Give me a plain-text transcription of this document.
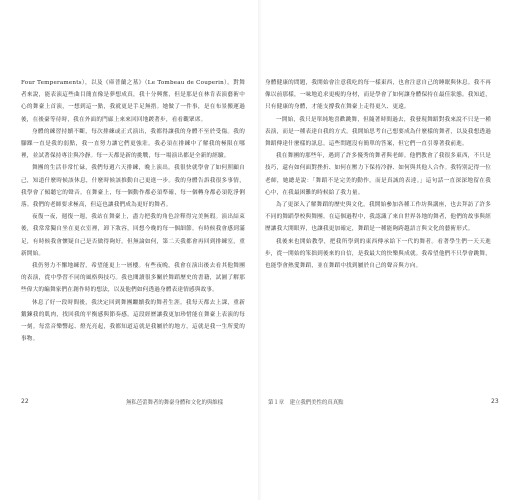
Four Temperaments），以及《庫普蘭之墓》（Le Tombeau de Couperin）。對舞者來說，能表演這些曲目簡直像是夢想成真，我十分興奮，但是那是在林肯表演藝術中心的舞臺上首演，一想到這一點，我就更是手足無措。她做了一件事，是在布景搬運過後，在後臺等待時，我在外面的門廊上來來回回地踱著步，看看觀眾席。

身體的練習持續不斷，每次排練或正式演出，我都得讓我的身體不至於受傷。我的腳踝一直是我的弱點，我一直努力讓它們更強壯。我必須在排練中了解我的極限在哪裡，並試著保持專注與冷靜。每一天都是新的挑戰，每一場演出都是全新的經驗。

舞團的生活非常忙碌，我們每週六天排練，晚上演出。我很快就學會了如何照顧自己，知道什麼時候該休息，什麼時候該推動自己更進一步。我的身體告訴我很多事情，我學會了傾聽它的聲音。在舞臺上，每一個動作都必須準確，每一個轉身都必須乾淨俐落。我們的老師要求極高，但這也讓我們成為更好的舞者。

夜復一夜，週復一週，我站在舞臺上，盡力把我的角色詮釋得完美無瑕。演出結束後，我常常獨自坐在更衣室裡，卸下妝容，回想今晚的每一個細節。有時候我會感到滿足，有時候我會懷疑自己是否做得夠好。但無論如何，第二天我都會再回到排練室，重新開始。

我仍努力不懈地練習，希望能更上一層樓。有些夜晚，我會在演出後去看其他舞團的表演，從中學習不同的風格與技巧。我也閱讀很多關於舞蹈歷史的書籍，試圖了解那些偉大的編舞家們在創作時的想法，以及他們如何透過身體表達情感與故事。

休息了好一段時間後，我決定回到舞團繼續我的舞者生涯。我每天都去上課，重新鍛鍊我的肌肉，找回我的平衡感與節奏感。這段經歷讓我更加珍惜能在舞臺上表演的每一刻。每當音樂響起、燈光亮起，我都知道這就是我屬於的地方，這就是我一生所愛的事物。

22	無私芭蕾舞者的舞臺身體和文化的與維樣

身體健康的問題，我開始會注意我吃的每一樣東西，也會注意自己的睡眠與休息。我不再像以前那樣，一味地追求更瘦的身材，而是學會了如何讓身體保持在最佳狀態。我知道，只有健康的身體，才能支撐我在舞臺上走得更久、更遠。

一開始，我只是單純地喜歡跳舞，但隨著時間過去，我發現舞蹈對我來說不只是一種表演，而是一種表達自我的方式。我開始思考自己想要成為什麼樣的舞者，以及我想透過舞蹈傳達什麼樣的訊息。這些問題沒有簡單的答案，但它們一直引導著我前進。

我在舞團的那些年，遇到了許多優秀的舞者與老師。他們教會了我很多東西，不只是技巧，還有如何面對挫折、如何在壓力下保持冷靜、如何與其他人合作。我特別記得一位老師，她總是說：「舞蹈不是完美的動作，而是真誠的表達。」這句話一直深深地留在我心中，在我最困難的時候給了我力量。

為了更深入了解舞蹈的歷史與文化，我開始參加各種工作坊與講座，也去拜訪了許多不同的舞蹈學校與舞團。在這個過程中，我認識了來自世界各地的舞者，他們的故事與經歷讓我大開眼界，也讓我更加確定，舞蹈是一種能夠跨越語言與文化的藝術形式。

我後來也開始教學，把我所學到的東西傳承給下一代的舞者。看著學生們一天天進步，從一開始的笨拙到後來的自信，是我最大的快樂與成就。我希望他們不只學會跳舞，也能學會熱愛舞蹈，並在舞蹈中找到屬於自己的聲音與方向。

第１章　建立我們美性的真真點	23
